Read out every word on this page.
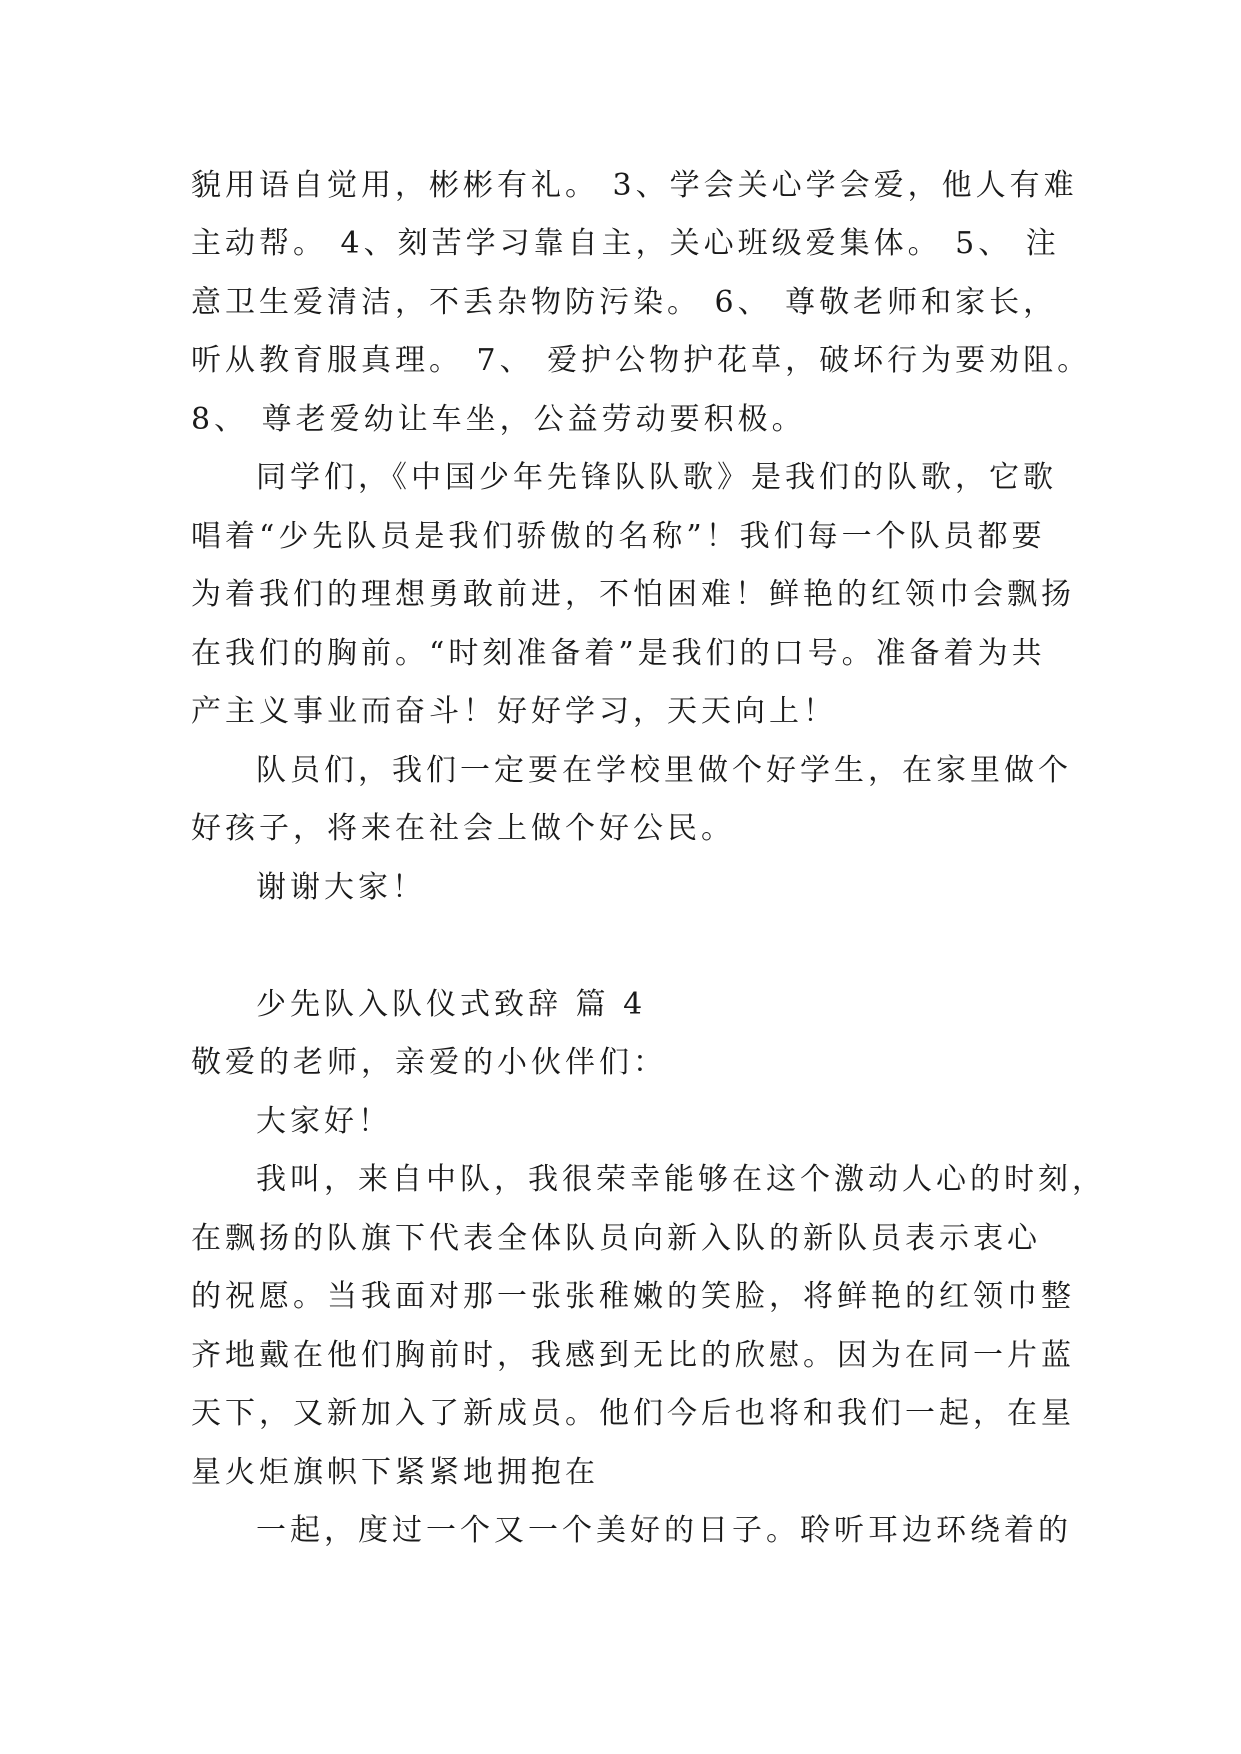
貌用语自觉用，彬彬有礼。 3、学会关心学会爱，他人有难
主动帮。 4、刻苦学习靠自主，关心班级爱集体。 5、 注
意卫生爱清洁，不丢杂物防污染。 6、 尊敬老师和家长，
听从教育服真理。 7、 爱护公物护花草，破坏行为要劝阻。
8、 尊老爱幼让车坐，公益劳动要积极。
同学们，《中国少年先锋队队歌》是我们的队歌，它歌
唱着“少先队员是我们骄傲的名称”！我们每一个队员都要
为着我们的理想勇敢前进，不怕困难！鲜艳的红领巾会飘扬
在我们的胸前。“时刻准备着”是我们的口号。准备着为共
产主义事业而奋斗！好好学习，天天向上！
队员们，我们一定要在学校里做个好学生，在家里做个
好孩子，将来在社会上做个好公民。
谢谢大家！
少先队入队仪式致辞 篇 4
敬爱的老师，亲爱的小伙伴们：
大家好！
我叫，来自中队，我很荣幸能够在这个激动人心的时刻，
在飘扬的队旗下代表全体队员向新入队的新队员表示衷心
的祝愿。当我面对那一张张稚嫩的笑脸，将鲜艳的红领巾整
齐地戴在他们胸前时，我感到无比的欣慰。因为在同一片蓝
天下，又新加入了新成员。他们今后也将和我们一起，在星
星火炬旗帜下紧紧地拥抱在
一起，度过一个又一个美好的日子。聆听耳边环绕着的
